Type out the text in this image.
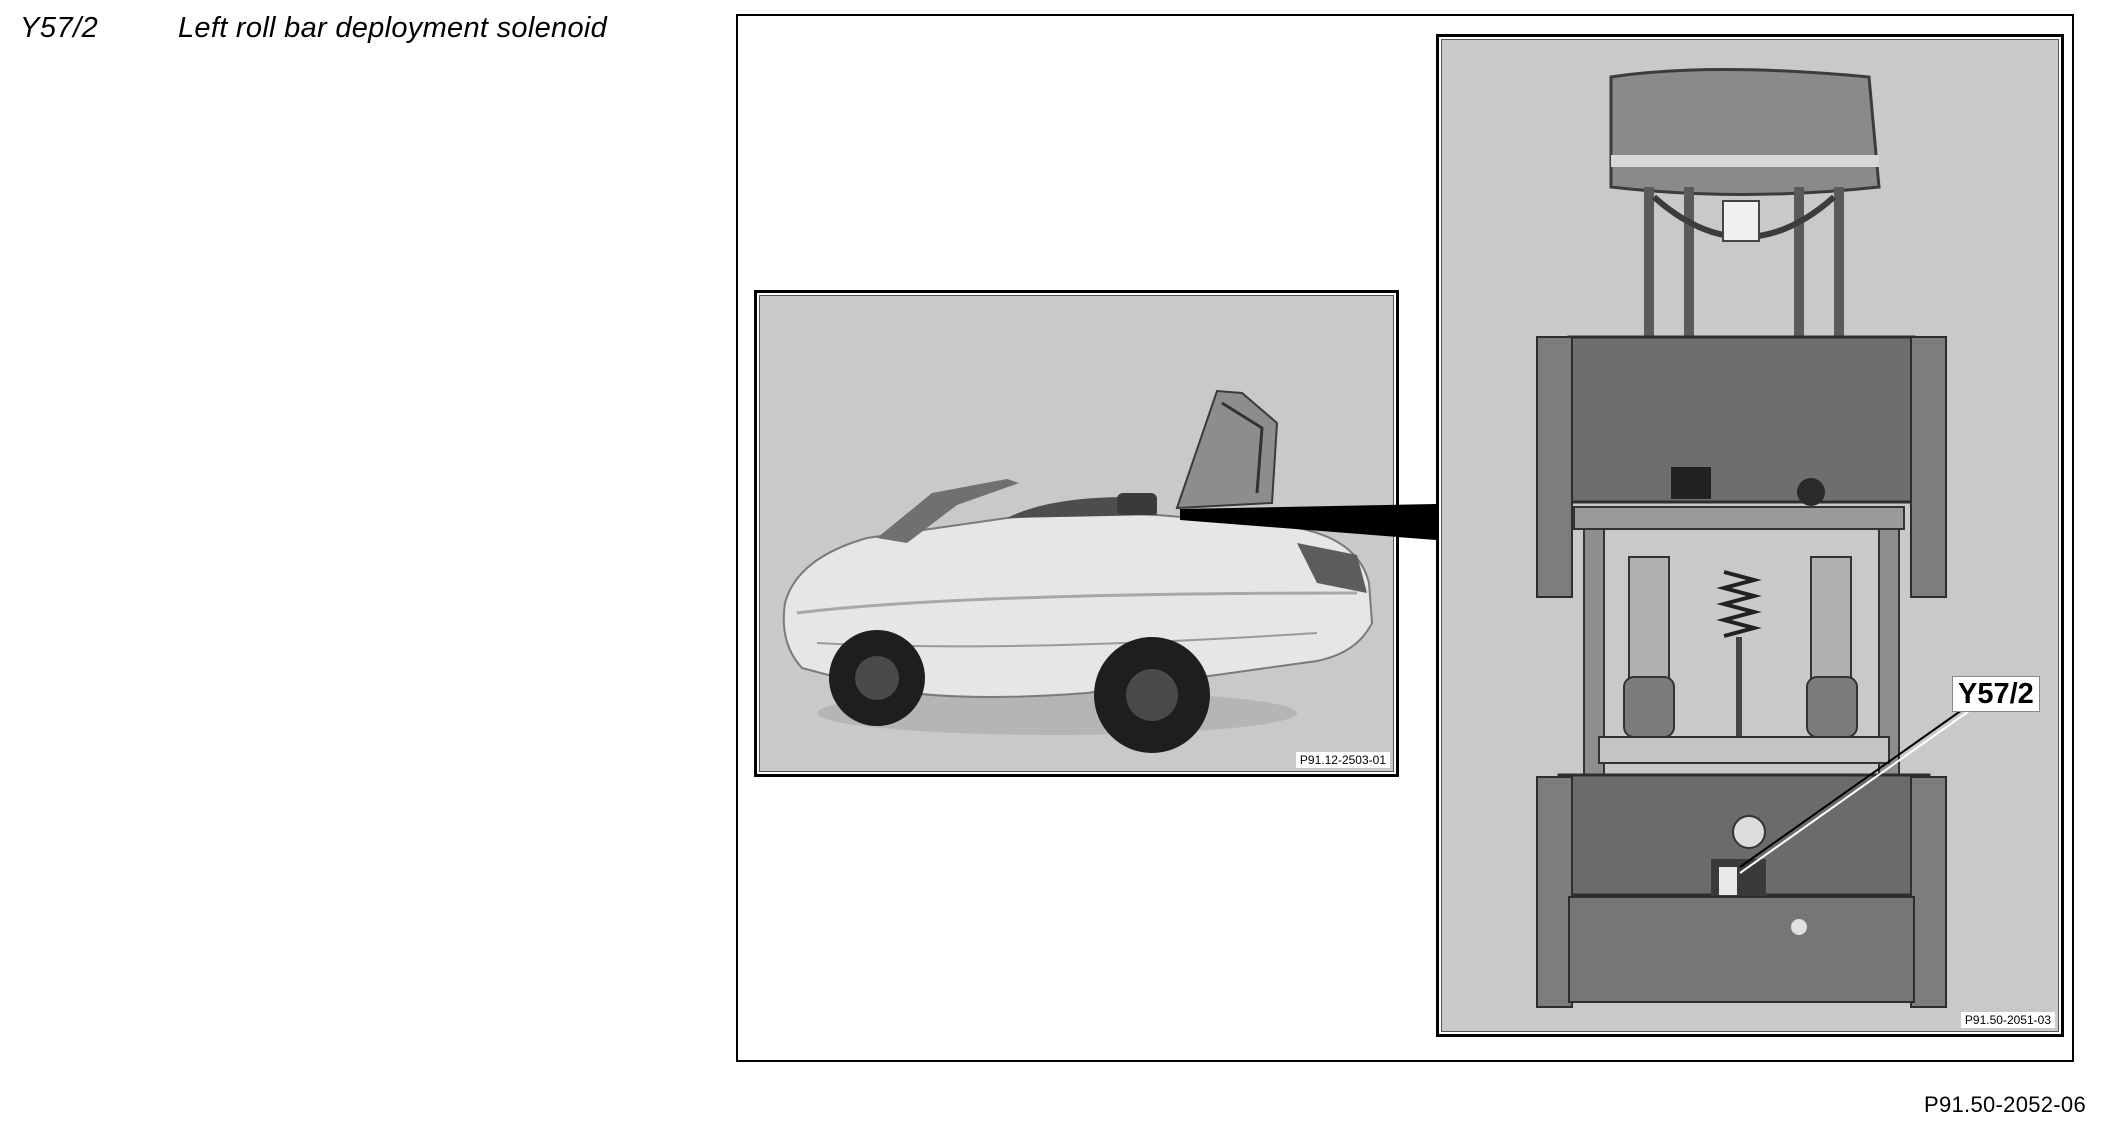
Y57/2	Left roll bar deployment solenoid
P91.12-2503-01
P91.50-2051-03
Y57/2
P91.50-2052-06
